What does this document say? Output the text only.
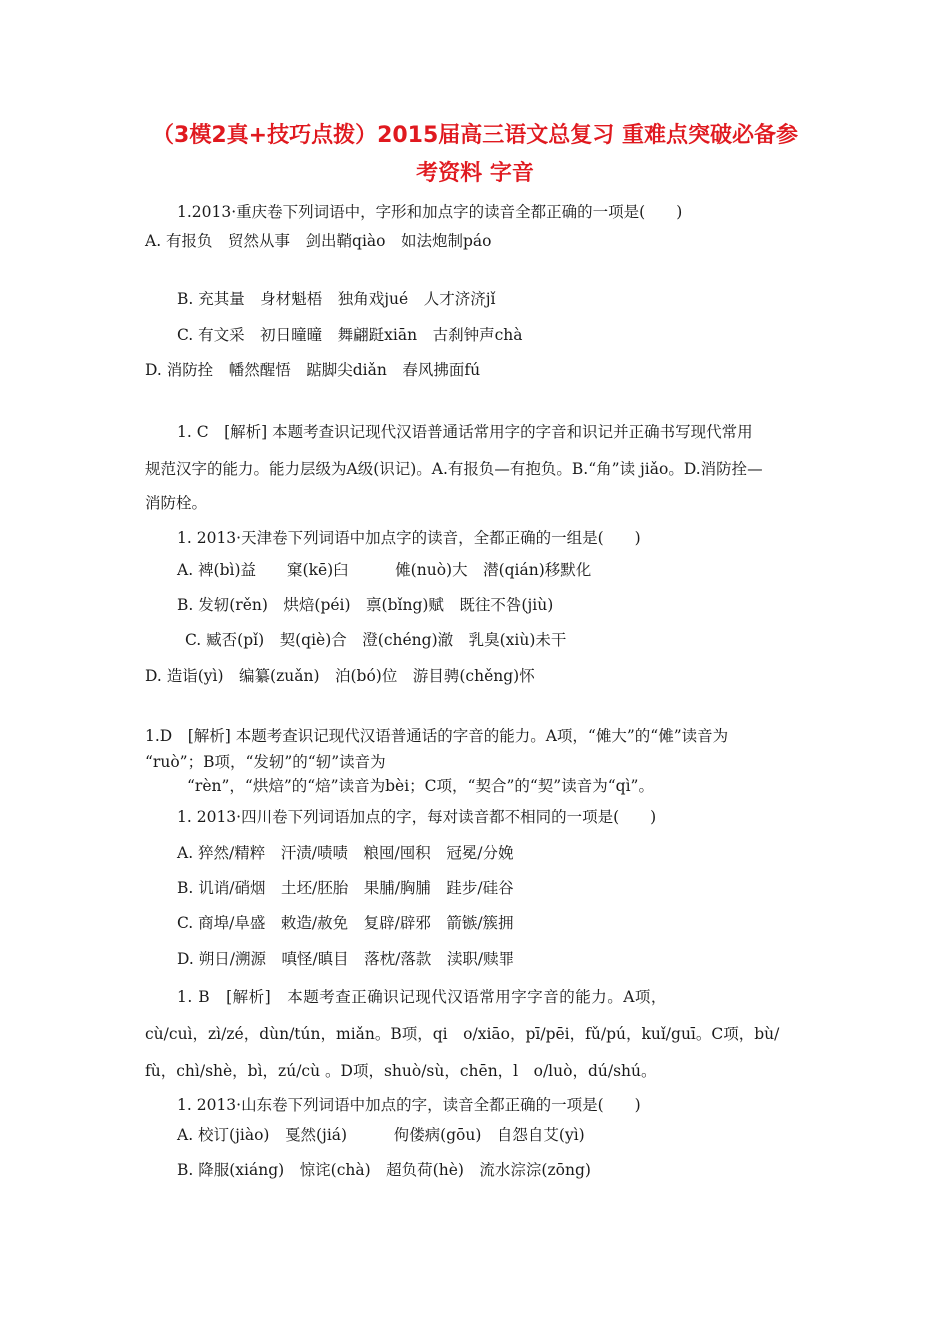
（3模2真+技巧点拨）2015届高三语文总复习 重难点突破必备参
考资料 字音
1.2013·重庆卷下列词语中，字形和加点字的读音全都正确的一项是(　　)
A. 有报负　贸然从事　剑出鞘qiào　如法炮制páo
B. 充其量　身材魁梧　独角戏jué　人才济济jǐ
C. 有文采　初日曈曈　舞翩跹xiān　古刹钟声chà
D. 消防拴　幡然醒悟　踮脚尖diǎn　春风拂面fú
1. C　[解析] 本题考查识记现代汉语普通话常用字的字音和识记并正确书写现代常用
规范汉字的能力。能力层级为A级(识记)。A.有报负—有抱负。B.“角”读 jiǎo。D.消防拴—
消防栓。
1. 2013·天津卷下列词语中加点字的读音，全都正确的一组是(　　)
A. 裨(bì)益　　窠(kē)臼　　　傩(nuò)大　潜(qián)移默化
B. 发轫(rěn)　烘焙(péi)　禀(bǐng)赋　既往不咎(jiù)
C. 臧否(pǐ)　契(qiè)合　澄(chéng)澈　乳臭(xiù)未干
D. 造诣(yì)　编纂(zuǎn)　泊(bó)位　游目骋(chěng)怀
1.D　[解析] 本题考查识记现代汉语普通话的字音的能力。A项，“傩大”的“傩”读音为
“ruò”；B项，“发轫”的“轫”读音为
“rèn”，“烘焙”的“焙”读音为bèi；C项，“契合”的“契”读音为“qì”。
1. 2013·四川卷下列词语加点的字，每对读音都不相同的一项是(　　)
A. 猝然/精粹　汗渍/啧啧　粮囤/囤积　冠冕/分娩
B. 讥诮/硝烟　土坯/胚胎　果脯/胸脯　跬步/硅谷
C. 商埠/阜盛　敕造/赦免　复辟/辟邪　箭镞/簇拥
D. 朔日/溯源　嗔怪/瞋目　落枕/落款　渎职/赎罪
1. B　[解析]　本题考查正确识记现代汉语常用字字音的能力。A项，
cù/cuì，zì/zé，dùn/tún，miǎn。B项，qi　o/xiāo，pī/pēi，fǔ/pú，kuǐ/guī。C项，bù/
fù，chì/shè，bì，zú/cù 。D项，shuò/sù，chēn，l　o/luò，dú/shú。
1. 2013·山东卷下列词语中加点的字，读音全都正确的一项是(　　)
A. 校订(jiào)　戛然(jiá)　　　佝偻病(gōu)　自怨自艾(yì)
B. 降服(xiáng)　惊诧(chà)　超负荷(hè)　流水淙淙(zōng)
